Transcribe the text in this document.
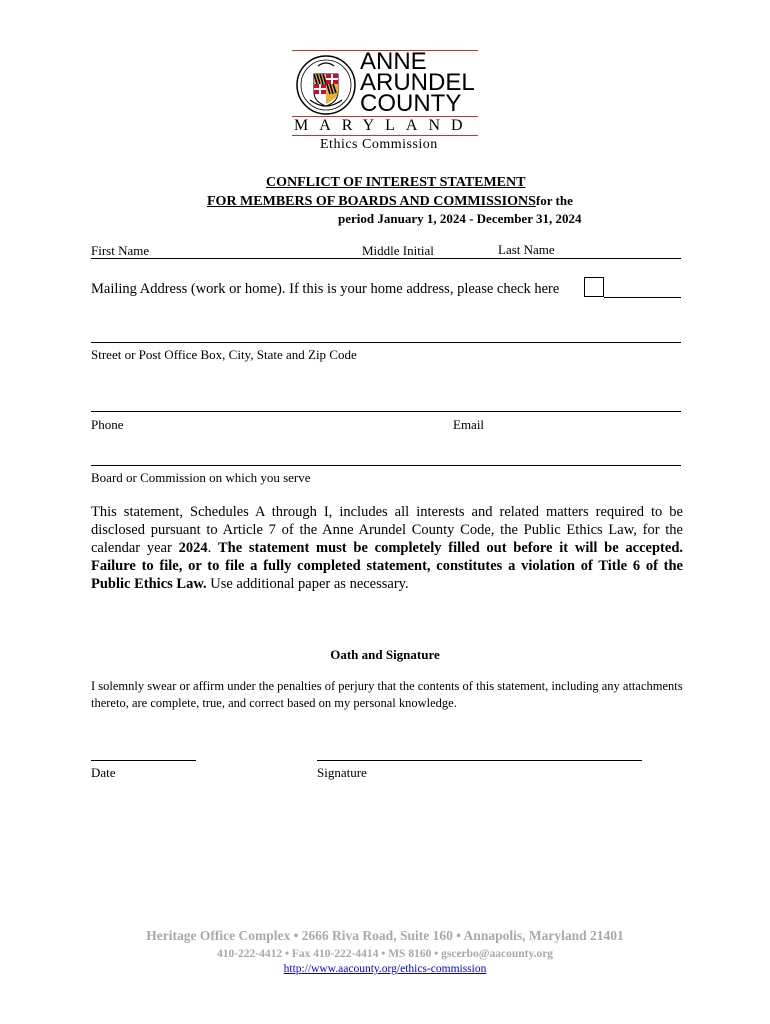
ANNE
ARUNDEL
COUNTY
MARYLAND
Ethics Commission
CONFLICT OF INTEREST STATEMENT
FOR MEMBERS OF BOARDS AND COMMISSIONSfor the
period January 1, 2024 - December 31, 2024
First Name	Middle Initial	Last Name
Mailing Address (work or home). If this is your home address, please check here
Street or Post Office Box, City, State and Zip Code
Phone	Email
Board or Commission on which you serve
This statement, Schedules A through I, includes all interests and related matters required to be disclosed pursuant to Article 7 of the Anne Arundel County Code, the Public Ethics Law, for the calendar year 2024. The statement must be completely filled out before it will be accepted. Failure to file, or to file a fully completed statement, constitutes a violation of Title 6 of the Public Ethics Law. Use additional paper as necessary.
Oath and Signature
I solemnly swear or affirm under the penalties of perjury that the contents of this statement, including any attachments thereto, are complete, true, and correct based on my personal knowledge.
Date	Signature
Heritage Office Complex • 2666 Riva Road, Suite 160 • Annapolis, Maryland 21401
410-222-4412 • Fax 410-222-4414 • MS 8160 • gscerbo@aacounty.org
http://www.aacounty.org/ethics-commission
